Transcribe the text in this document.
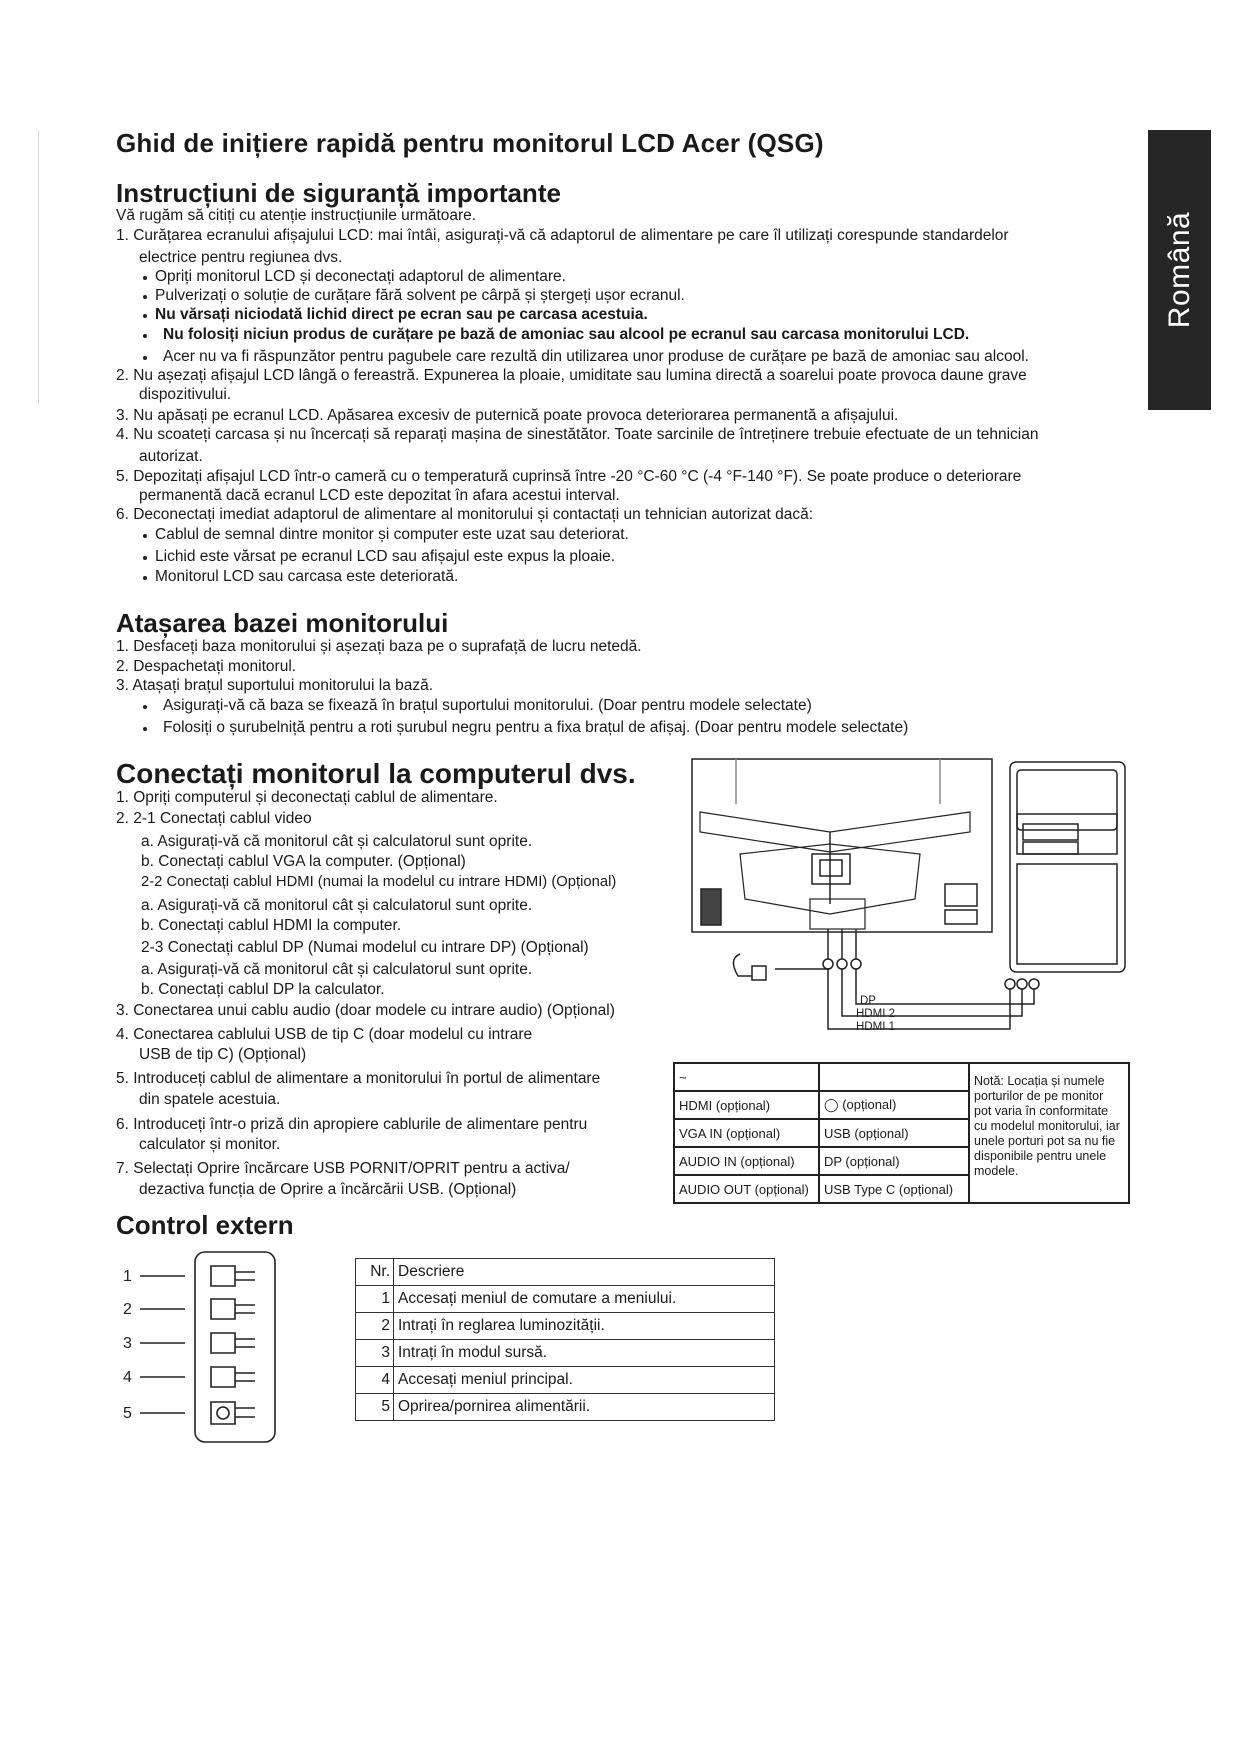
Română
Ghid de inițiere rapidă pentru monitorul LCD Acer (QSG)
Instrucțiuni de siguranță importante
Vă rugăm să citiți cu atenție instrucțiunile următoare.
1. Curățarea ecranului afișajului LCD: mai întâi, asigurați-vă că adaptorul de alimentare pe care îl utilizați corespunde standardelor
electrice pentru regiunea dvs.
Opriți monitorul LCD și deconectați adaptorul de alimentare.
Pulverizați o soluție de curățare fără solvent pe cârpă și ștergeți ușor ecranul.
Nu vărsați niciodată lichid direct pe ecran sau pe carcasa acestuia.
Nu folosiți niciun produs de curățare pe bază de amoniac sau alcool pe ecranul sau carcasa monitorului LCD.
Acer nu va fi răspunzător pentru pagubele care rezultă din utilizarea unor produse de curățare pe bază de amoniac sau alcool.
2. Nu așezați afișajul LCD lângă o fereastră. Expunerea la ploaie, umiditate sau lumina directă a soarelui poate provoca daune grave
dispozitivului.
3. Nu apăsați pe ecranul LCD. Apăsarea excesiv de puternică poate provoca deteriorarea permanentă a afișajului.
4. Nu scoateți carcasa și nu încercați să reparați mașina de sinestătător. Toate sarcinile de întreținere trebuie efectuate de un tehnician
autorizat.
5. Depozitați afișajul LCD într-o cameră cu o temperatură cuprinsă între -20 °C-60 °C (-4 °F-140 °F). Se poate produce o deteriorare
permanentă dacă ecranul LCD este depozitat în afara acestui interval.
6. Deconectați imediat adaptorul de alimentare al monitorului și contactați un tehnician autorizat dacă:
Cablul de semnal dintre monitor și computer este uzat sau deteriorat.
Lichid este vărsat pe ecranul LCD sau afișajul este expus la ploaie.
Monitorul LCD sau carcasa este deteriorată.
Atașarea bazei monitorului
1. Desfaceți baza monitorului și așezați baza pe o suprafață de lucru netedă.
2. Despachetați monitorul.
3. Atașați brațul suportului monitorului la bază.
Asigurați-vă că baza se fixează în brațul suportului monitorului. (Doar pentru modele selectate)
Folosiți o șurubelniță pentru a roti șurubul negru pentru a fixa brațul de afișaj. (Doar pentru modele selectate)
Conectați monitorul la computerul dvs.
1. Opriți computerul și deconectați cablul de alimentare.
2. 2-1 Conectați cablul video
a. Asigurați-vă că monitorul cât și calculatorul sunt oprite.
b. Conectați cablul VGA la computer. (Opțional)
2-2 Conectați cablul HDMI (numai la modelul cu intrare HDMI) (Opțional)
a. Asigurați-vă că monitorul cât și calculatorul sunt oprite.
b. Conectați cablul HDMI la computer.
2-3 Conectați cablul DP (Numai modelul cu intrare DP) (Opțional)
a. Asigurați-vă că monitorul cât și calculatorul sunt oprite.
b. Conectați cablul DP la calculator.
3. Conectarea unui cablu audio (doar modele cu intrare audio) (Opțional)
4. Conectarea cablului USB de tip C (doar modelul cu intrare
USB de tip C) (Opțional)
5. Introduceți cablul de alimentare a monitorului în portul de alimentare
din spatele acestuia.
6. Introduceți într-o priză din apropiere cablurile de alimentare pentru
calculator și monitor.
7. Selectați Oprire încărcare USB PORNIT/OPRIT pentru a activa/
dezactiva funcția de Oprire a încărcării USB. (Opțional)
DP
HDMI 2
HDMI 1
~		Notă: Locația și numele porturilor de pe monitor pot varia în conformitate cu modelul monitorului, iar unele porturi pot sa nu fie disponibile pentru unele modele.
HDMI (opțional)	◯ (opțional)	
VGA IN (opțional)	USB (opțional)	
AUDIO IN (opțional)	DP (opțional)	
AUDIO OUT (opțional)	USB Type C (opțional)	
Control extern
1
2
3
4
5
Nr.	Descriere
1	Accesați meniul de comutare a meniului.
2	Intrați în reglarea luminozității.
3	Intrați în modul sursă.
4	Accesați meniul principal.
5	Oprirea/pornirea alimentării.
